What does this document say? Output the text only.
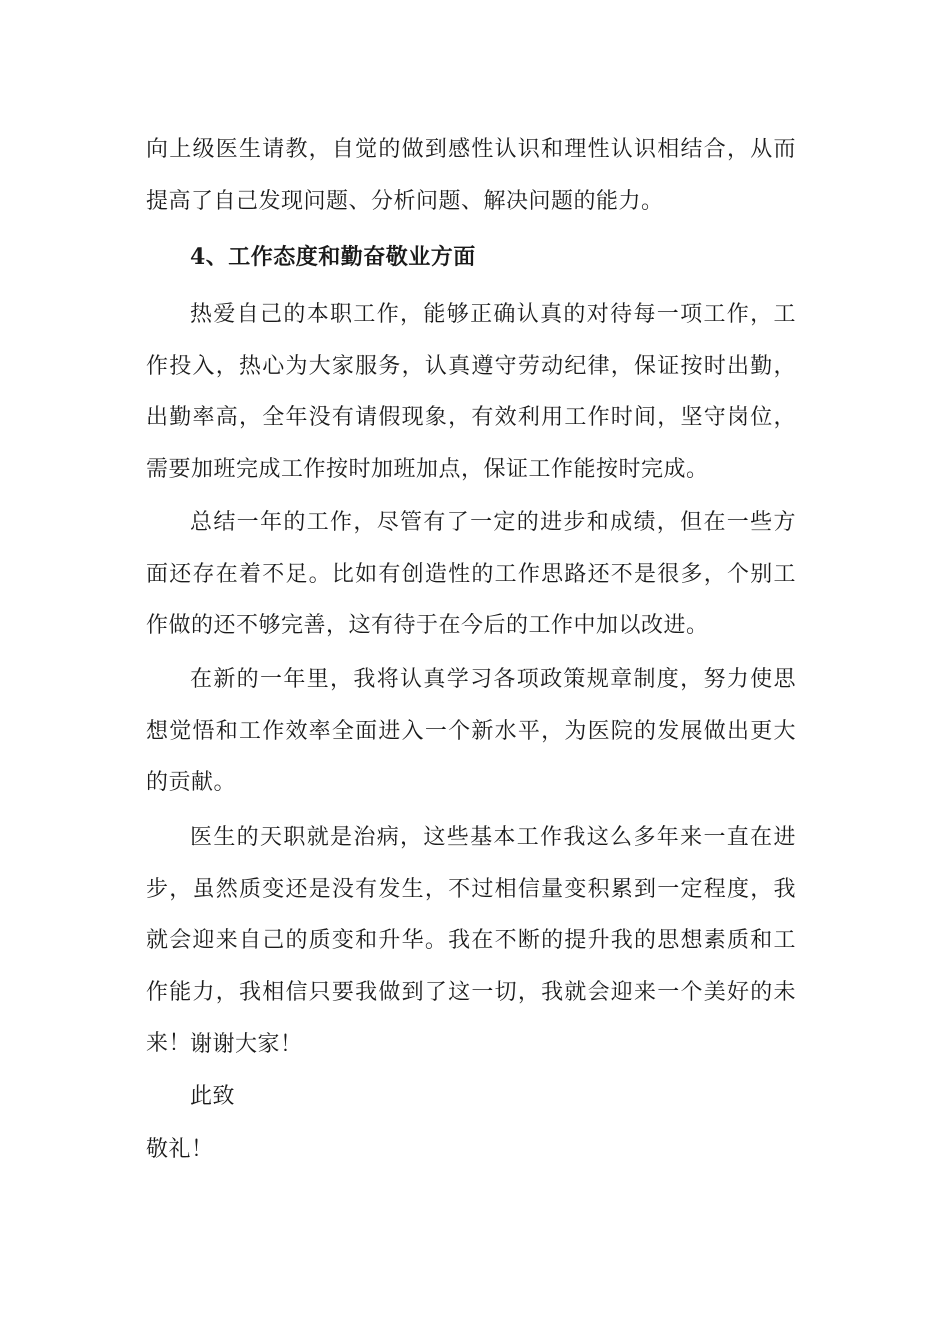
向上级医生请教，自觉的做到感性认识和理性认识相结合，从而提高了自己发现问题、分析问题、解决问题的能力。

4、工作态度和勤奋敬业方面

热爱自己的本职工作，能够正确认真的对待每一项工作，工作投入，热心为大家服务，认真遵守劳动纪律，保证按时出勤，出勤率高，全年没有请假现象，有效利用工作时间，坚守岗位，需要加班完成工作按时加班加点，保证工作能按时完成。

总结一年的工作，尽管有了一定的进步和成绩，但在一些方面还存在着不足。比如有创造性的工作思路还不是很多，个别工作做的还不够完善，这有待于在今后的工作中加以改进。

在新的一年里，我将认真学习各项政策规章制度，努力使思想觉悟和工作效率全面进入一个新水平，为医院的发展做出更大的贡献。

医生的天职就是治病，这些基本工作我这么多年来一直在进步，虽然质变还是没有发生，不过相信量变积累到一定程度，我就会迎来自己的质变和升华。我在不断的提升我的思想素质和工作能力，我相信只要我做到了这一切，我就会迎来一个美好的未来！

谢谢大家！

此致

敬礼！
